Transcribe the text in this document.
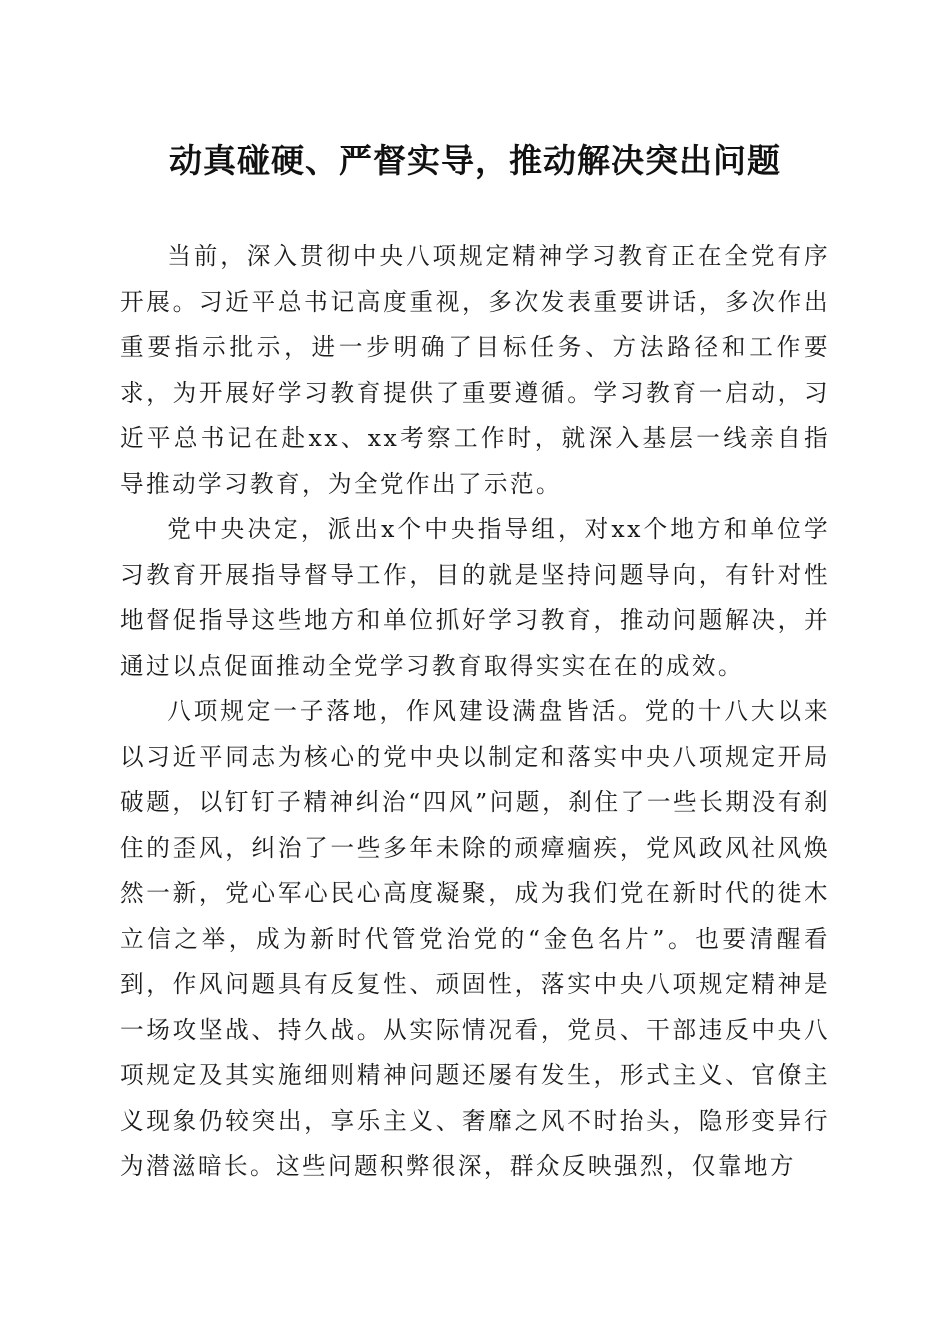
动真碰硬、严督实导，推动解决突出问题

当前，深入贯彻中央八项规定精神学习教育正在全党有序开展。习近平总书记高度重视，多次发表重要讲话，多次作出重要指示批示，进一步明确了目标任务、方法路径和工作要求，为开展好学习教育提供了重要遵循。学习教育一启动，习近平总书记在赴xx、xx考察工作时，就深入基层一线亲自指导推动学习教育，为全党作出了示范。

党中央决定，派出x个中央指导组，对xx个地方和单位学习教育开展指导督导工作，目的就是坚持问题导向，有针对性地督促指导这些地方和单位抓好学习教育，推动问题解决，并通过以点促面推动全党学习教育取得实实在在的成效。

八项规定一子落地，作风建设满盘皆活。党的十八大以来以习近平同志为核心的党中央以制定和落实中央八项规定开局破题，以钉钉子精神纠治“四风”问题，刹住了一些长期没有刹住的歪风，纠治了一些多年未除的顽瘴痼疾，党风政风社风焕然一新，党心军心民心高度凝聚，成为我们党在新时代的徙木立信之举，成为新时代管党治党的“金色名片”。也要清醒看到，作风问题具有反复性、顽固性，落实中央八项规定精神是一场攻坚战、持久战。从实际情况看，党员、干部违反中央八项规定及其实施细则精神问题还屡有发生，形式主义、官僚主义现象仍较突出，享乐主义、奢靡之风不时抬头，隐形变异行为潜滋暗长。这些问题积弊很深，群众反映强烈，仅靠地方
